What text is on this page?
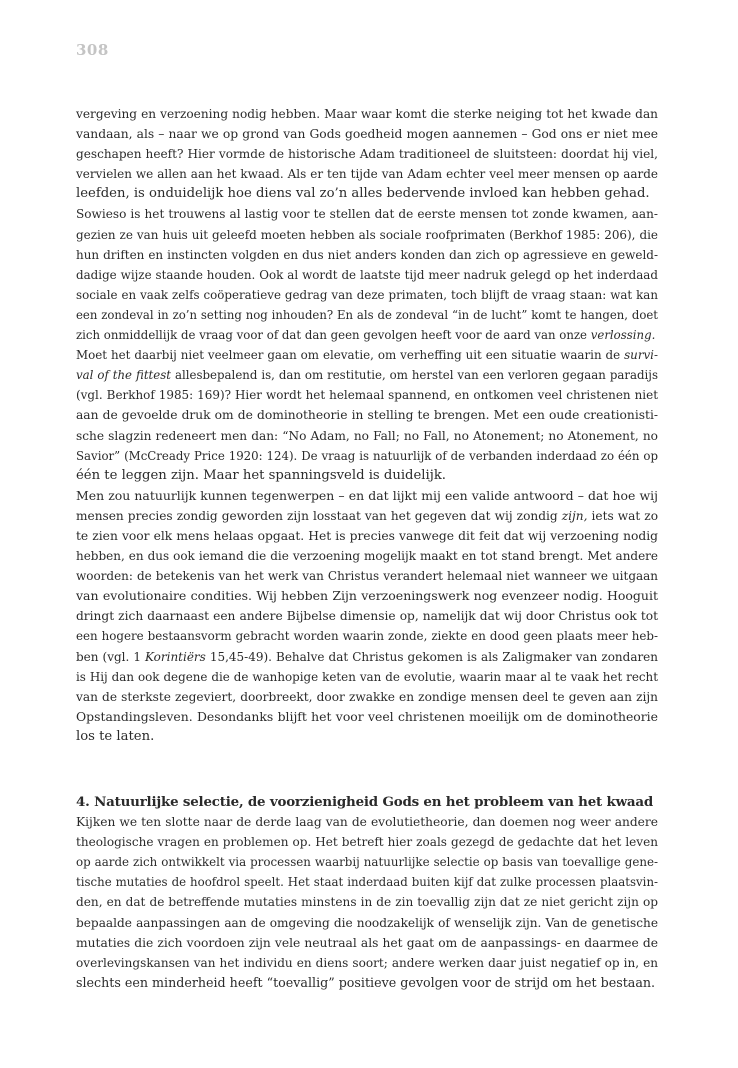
308
vergeving en verzoening nodig hebben. Maar waar komt die sterke neiging tot het kwade dan
vandaan, als – naar we op grond van Gods goedheid mogen aannemen – God ons er niet mee
geschapen heeft? Hier vormde de historische Adam traditioneel de sluitsteen: doordat hij viel,
vervielen we allen aan het kwaad. Als er ten tijde van Adam echter veel meer mensen op aarde
leefden, is onduidelijk hoe diens val zo’n alles bedervende invloed kan hebben gehad.
Sowieso is het trouwens al lastig voor te stellen dat de eerste mensen tot zonde kwamen, aan-
gezien ze van huis uit geleefd moeten hebben als sociale roofprimaten (Berkhof 1985: 206), die
hun driften en instincten volgden en dus niet anders konden dan zich op agressieve en geweld-
dadige wijze staande houden. Ook al wordt de laatste tijd meer nadruk gelegd op het inderdaad
sociale en vaak zelfs coöperatieve gedrag van deze primaten, toch blijft de vraag staan: wat kan
een zondeval in zo’n setting nog inhouden? En als de zondeval “in de lucht” komt te hangen, doet
zich onmiddellijk de vraag voor of dat dan geen gevolgen heeft voor de aard van onze verlossing.
Moet het daarbij niet veelmeer gaan om elevatie, om verheffing uit een situatie waarin de survi-
val of the fittest allesbepalend is, dan om restitutie, om herstel van een verloren gegaan paradijs
(vgl. Berkhof 1985: 169)? Hier wordt het helemaal spannend, en ontkomen veel christenen niet
aan de gevoelde druk om de dominotheorie in stelling te brengen. Met een oude creationisti-
sche slagzin redeneert men dan: “No Adam, no Fall; no Fall, no Atonement; no Atonement, no
Savior” (McCready Price 1920: 124). De vraag is natuurlijk of de verbanden inderdaad zo één op
één te leggen zijn. Maar het spanningsveld is duidelijk.
Men zou natuurlijk kunnen tegenwerpen – en dat lijkt mij een valide antwoord – dat hoe wij
mensen precies zondig geworden zijn losstaat van het gegeven dat wij zondig zijn, iets wat zo
te zien voor elk mens helaas opgaat. Het is precies vanwege dit feit dat wij verzoening nodig
hebben, en dus ook iemand die die verzoening mogelijk maakt en tot stand brengt. Met andere
woorden: de betekenis van het werk van Christus verandert helemaal niet wanneer we uitgaan
van evolutionaire condities. Wij hebben Zijn verzoeningswerk nog evenzeer nodig. Hooguit
dringt zich daarnaast een andere Bijbelse dimensie op, namelijk dat wij door Christus ook tot
een hogere bestaansvorm gebracht worden waarin zonde, ziekte en dood geen plaats meer heb-
ben (vgl. 1 Korintiërs 15,45-49). Behalve dat Christus gekomen is als Zaligmaker van zondaren
is Hij dan ook degene die de wanhopige keten van de evolutie, waarin maar al te vaak het recht
van de sterkste zegeviert, doorbreekt, door zwakke en zondige mensen deel te geven aan zijn
Opstandingsleven. Desondanks blijft het voor veel christenen moeilijk om de dominotheorie
los te laten.
4. Natuurlijke selectie, de voorzienigheid Gods en het probleem van het kwaad
Kijken we ten slotte naar de derde laag van de evolutietheorie, dan doemen nog weer andere
theologische vragen en problemen op. Het betreft hier zoals gezegd de gedachte dat het leven
op aarde zich ontwikkelt via processen waarbij natuurlijke selectie op basis van toevallige gene-
tische mutaties de hoofdrol speelt. Het staat inderdaad buiten kijf dat zulke processen plaatsvin-
den, en dat de betreffende mutaties minstens in de zin toevallig zijn dat ze niet gericht zijn op
bepaalde aanpassingen aan de omgeving die noodzakelijk of wenselijk zijn. Van de genetische
mutaties die zich voordoen zijn vele neutraal als het gaat om de aanpassings- en daarmee de
overlevingskansen van het individu en diens soort; andere werken daar juist negatief op in, en
slechts een minderheid heeft “toevallig” positieve gevolgen voor de strijd om het bestaan.
